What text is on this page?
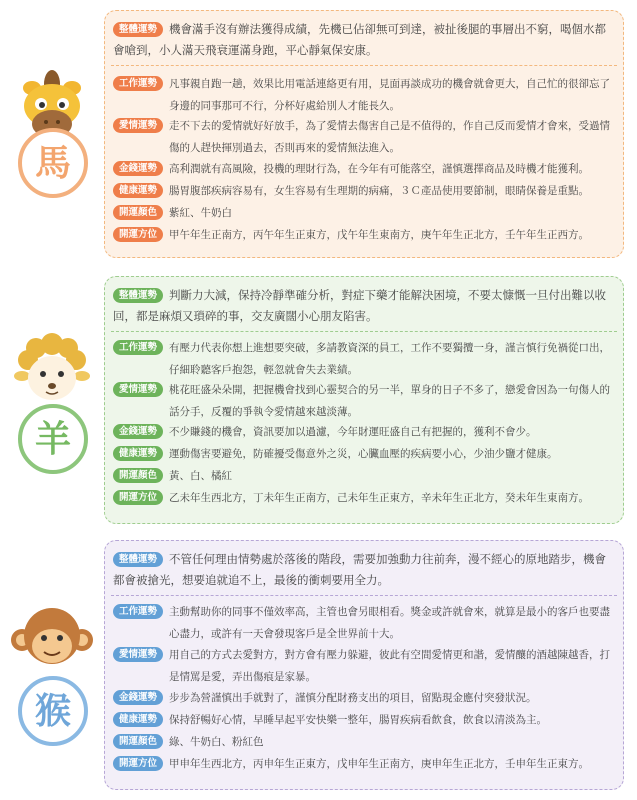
馬
整體運勢 機會滿手沒有辦法獲得成績，先機已佔卻無可到達，被扯後腿的事層出不窮，喝個水都會嗆到，小人滿天飛衰運滿身跑，平心靜氣保安康。
工作運勢	凡事親自跑一趟，效果比用電話連絡更有用，見面再談成功的機會就會更大，自己忙的很卻忘了身邊的同事那可不行，分杯好處給別人才能長久。
愛情運勢	走不下去的愛情就好好放手，為了愛情去傷害自己是不值得的，作自己反而愛情才會來，受過情傷的人趕快揮別過去，否則再來的愛情無法進入。
金錢運勢	高利潤就有高風險，投機的理財行為，在今年有可能落空，謹慎選擇商品及時機才能獲利。
健康運勢	腸胃腹部疾病容易有，女生容易有生理期的病痛，３Ｃ產品使用要節制，眼睛保養是重點。
開運顏色	紫紅、牛奶白
開運方位	甲午年生正南方，丙午年生正東方，戊午年生東南方，庚午年生正北方，壬午年生正西方。
羊
整體運勢 判斷力大減，保持冷靜準確分析，對症下藥才能解決困境，不要太慷慨一旦付出難以收回，都是麻煩又瑣碎的事，交友廣闊小心朋友陷害。
工作運勢	有壓力代表你想上進想要突破，多請教資深的員工，工作不要獨攬一身，謹言慎行免禍從口出，仔細聆聽客戶抱怨，輕忽就會失去業績。
愛情運勢	桃花旺盛朵朵開，把握機會找到心靈契合的另一半，單身的日子不多了，戀愛會因為一句傷人的話分手，反覆的爭執令愛情越來越淡薄。
金錢運勢	不少賺錢的機會，資訊要加以過濾，今年財運旺盛自己有把握的，獲利不會少。
健康運勢	運動傷害要避免，防確擾受傷意外之災，心臟血壓的疾病要小心，少油少鹽才健康。
開運顏色	黃、白、橘紅
開運方位	乙未年生西北方，丁未年生正南方，己未年生正東方，辛未年生正北方，癸未年生東南方。
猴
整體運勢 不管任何理由情勢處於落後的階段，需要加強動力往前奔，漫不經心的原地踏步，機會都會被搶光，想要追就追不上，最後的衝刺要用全力。
工作運勢	主動幫助你的同事不僅效率高，主管也會另眼相看。獎金或許就會來，就算是最小的客戶也要盡心盡力，或許有一天會發現客戶是全世界前十大。
愛情運勢	用自己的方式去愛對方，對方會有壓力躲避，彼此有空間愛情更和諧，愛情釀的酒越陳越香，打是情罵是愛，弄出傷痕是家暴。
金錢運勢	步步為營謹慎出手就對了，謹慎分配財務支出的項目，留點現金應付突發狀況。
健康運勢	保持舒暢好心情，早睡早起平安快樂一整年，腸胃疾病看飲食，飲食以清淡為主。
開運顏色	綠、牛奶白、粉紅色
開運方位	甲申年生西北方，丙申年生正東方，戊申年生正南方，庚申年生正北方，壬申年生正東方。
